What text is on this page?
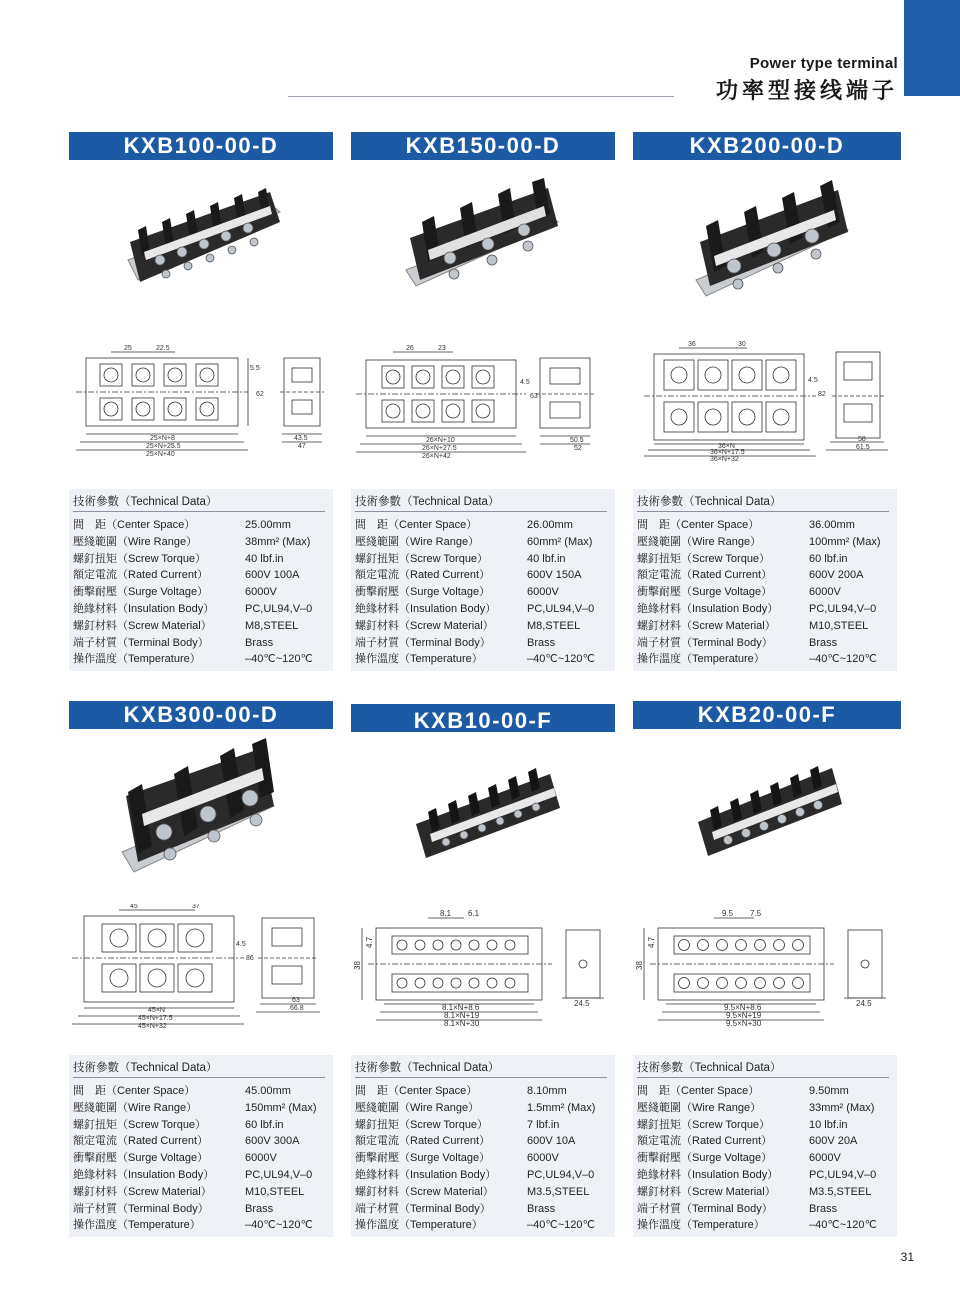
Power type terminal
功率型接线端子
KXB100-00-D
25	22.5
5.5
62
25×N+8
25×N+25.5
25×N+40
43.5
47
技術參數（Technical Data）
間　距（Center Space）	25.00mm
壓綫範圍（Wire Range）	38mm² (Max)
螺釘扭矩（Screw Torque）	40 lbf.in
額定電流（Rated Current）	600V 100A
衝擊耐壓（Surge Voltage）	6000V
絶緣材料（Insulation Body）	PC,UL94,V–0
螺釘材料（Screw Material）	M8,STEEL
端子材質（Terminal Body）	Brass
操作溫度（Temperature）	–40℃~120℃
KXB150-00-D
26	23
4.5
63
26×N+10
26×N+27.5
26×N+42
50.5
52
技術參數（Technical Data）
間　距（Center Space）	26.00mm
壓綫範圍（Wire Range）	60mm² (Max)
螺釘扭矩（Screw Torque）	40 lbf.in
額定電流（Rated Current）	600V 150A
衝擊耐壓（Surge Voltage）	6000V
絶緣材料（Insulation Body）	PC,UL94,V–0
螺釘材料（Screw Material）	M8,STEEL
端子材質（Terminal Body）	Brass
操作溫度（Temperature）	–40℃~120℃
KXB200-00-D
36	30
4.5
82
36×N
36×N+17.5
36×N+32
58
61.5
技術參數（Technical Data）
間　距（Center Space）	36.00mm
壓綫範圍（Wire Range）	100mm² (Max)
螺釘扭矩（Screw Torque）	60 lbf.in
額定電流（Rated Current）	600V 200A
衝擊耐壓（Surge Voltage）	6000V
絶緣材料（Insulation Body）	PC,UL94,V–0
螺釘材料（Screw Material）	M10,STEEL
端子材質（Terminal Body）	Brass
操作溫度（Temperature）	–40℃~120℃
KXB300-00-D
45	37
4.5
86
45×N
45×N+17.5
45×N+32
63
66.8
技術參數（Technical Data）
間　距（Center Space）	45.00mm
壓綫範圍（Wire Range）	150mm² (Max)
螺釘扭矩（Screw Torque）	60 lbf.in
額定電流（Rated Current）	600V 300A
衝擊耐壓（Surge Voltage）	6000V
絶緣材料（Insulation Body）	PC,UL94,V–0
螺釘材料（Screw Material）	M10,STEEL
端子材質（Terminal Body）	Brass
操作溫度（Temperature）	–40℃~120℃
KXB10-00-F
8.1 6.1
4.7
38
8.1×N+8.6
8.1×N+19
8.1×N+30
24.5
技術參數（Technical Data）
間　距（Center Space）	8.10mm
壓綫範圍（Wire Range）	1.5mm² (Max)
螺釘扭矩（Screw Torque）	7 lbf.in
額定電流（Rated Current）	600V 10A
衝擊耐壓（Surge Voltage）	6000V
絶緣材料（Insulation Body）	PC,UL94,V–0
螺釘材料（Screw Material）	M3.5,STEEL
端子材質（Terminal Body）	Brass
操作溫度（Temperature）	–40℃~120℃
KXB20-00-F
9.5 7.5
4.7
38
9.5×N+8.6
9.5×N+19
9.5×N+30
24.5
技術參數（Technical Data）
間　距（Center Space）	9.50mm
壓綫範圍（Wire Range）	33mm² (Max)
螺釘扭矩（Screw Torque）	10 lbf.in
額定電流（Rated Current）	600V 20A
衝擊耐壓（Surge Voltage）	6000V
絶緣材料（Insulation Body）	PC,UL94,V–0
螺釘材料（Screw Material）	M3.5,STEEL
端子材質（Terminal Body）	Brass
操作溫度（Temperature）	–40℃~120℃
31
